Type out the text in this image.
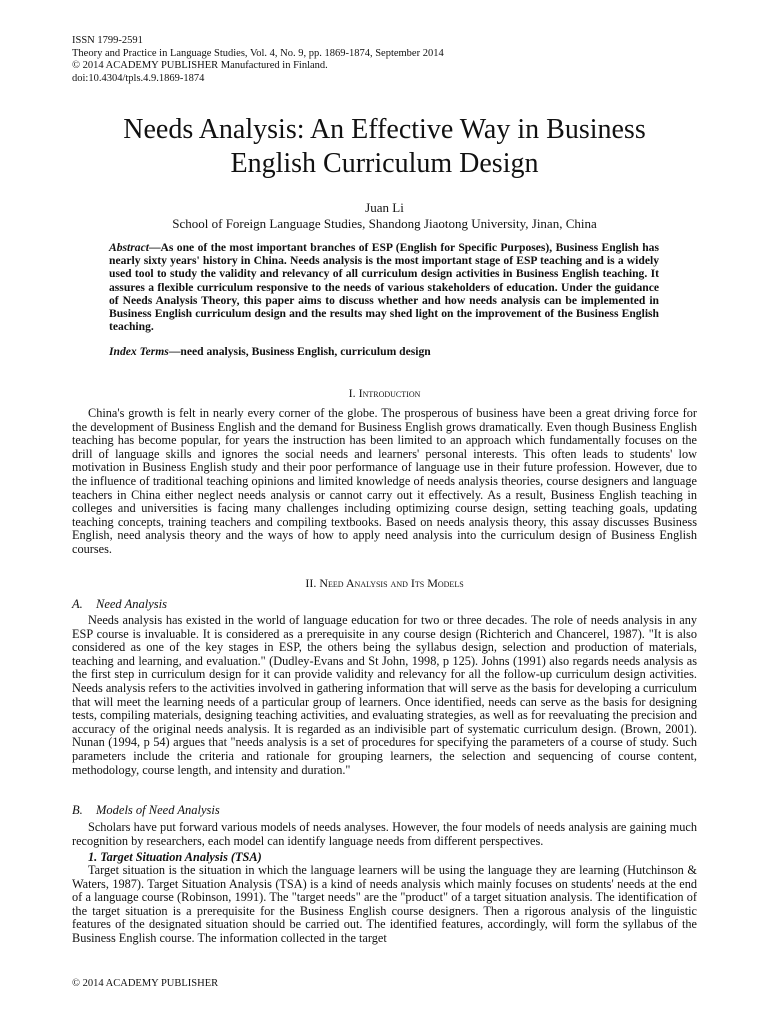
ISSN 1799-2591
Theory and Practice in Language Studies, Vol. 4, No. 9, pp. 1869-1874, September 2014
© 2014 ACADEMY PUBLISHER Manufactured in Finland.
doi:10.4304/tpls.4.9.1869-1874
Needs Analysis: An Effective Way in Business
English Curriculum Design
Juan Li
School of Foreign Language Studies, Shandong Jiaotong University, Jinan, China
Abstract—As one of the most important branches of ESP (English for Specific Purposes), Business English has nearly sixty years' history in China. Needs analysis is the most important stage of ESP teaching and is a widely used tool to study the validity and relevancy of all curriculum design activities in Business English teaching. It assures a flexible curriculum responsive to the needs of various stakeholders of education. Under the guidance of Needs Analysis Theory, this paper aims to discuss whether and how needs analysis can be implemented in Business English curriculum design and the results may shed light on the improvement of the Business English teaching.
Index Terms—need analysis, Business English, curriculum design
I. Introduction
China's growth is felt in nearly every corner of the globe. The prosperous of business have been a great driving force for the development of Business English and the demand for Business English grows dramatically. Even though Business English teaching has become popular, for years the instruction has been limited to an approach which fundamentally focuses on the drill of language skills and ignores the social needs and learners' personal interests. This often leads to students' low motivation in Business English study and their poor performance of language use in their future profession. However, due to the influence of traditional teaching opinions and limited knowledge of needs analysis theories, course designers and language teachers in China either neglect needs analysis or cannot carry out it effectively. As a result, Business English teaching in colleges and universities is facing many challenges including optimizing course design, setting teaching goals, updating teaching concepts, training teachers and compiling textbooks. Based on needs analysis theory, this assay discusses Business English, need analysis theory and the ways of how to apply need analysis into the curriculum design of Business English courses.
II. Need Analysis and Its Models
A. Need Analysis
Needs analysis has existed in the world of language education for two or three decades. The role of needs analysis in any ESP course is invaluable. It is considered as a prerequisite in any course design (Richterich and Chancerel, 1987). "It is also considered as one of the key stages in ESP, the others being the syllabus design, selection and production of materials, teaching and learning, and evaluation." (Dudley-Evans and St John, 1998, p 125). Johns (1991) also regards needs analysis as the first step in curriculum design for it can provide validity and relevancy for all the follow-up curriculum design activities. Needs analysis refers to the activities involved in gathering information that will serve as the basis for developing a curriculum that will meet the learning needs of a particular group of learners. Once identified, needs can serve as the basis for designing tests, compiling materials, designing teaching activities, and evaluating strategies, as well as for reevaluating the precision and accuracy of the original needs analysis. It is regarded as an indivisible part of systematic curriculum design. (Brown, 2001). Nunan (1994, p 54) argues that "needs analysis is a set of procedures for specifying the parameters of a course of study. Such parameters include the criteria and rationale for grouping learners, the selection and sequencing of course content, methodology, course length, and intensity and duration."
B. Models of Need Analysis
Scholars have put forward various models of needs analyses. However, the four models of needs analysis are gaining much recognition by researchers, each model can identify language needs from different perspectives.
1. Target Situation Analysis (TSA)
Target situation is the situation in which the language learners will be using the language they are learning (Hutchinson & Waters, 1987). Target Situation Analysis (TSA) is a kind of needs analysis which mainly focuses on students' needs at the end of a language course (Robinson, 1991). The "target needs" are the "product" of a target situation analysis. The identification of the target situation is a prerequisite for the Business English course designers. Then a rigorous analysis of the linguistic features of the designated situation should be carried out. The identified features, accordingly, will form the syllabus of the Business English course. The information collected in the target
© 2014 ACADEMY PUBLISHER
